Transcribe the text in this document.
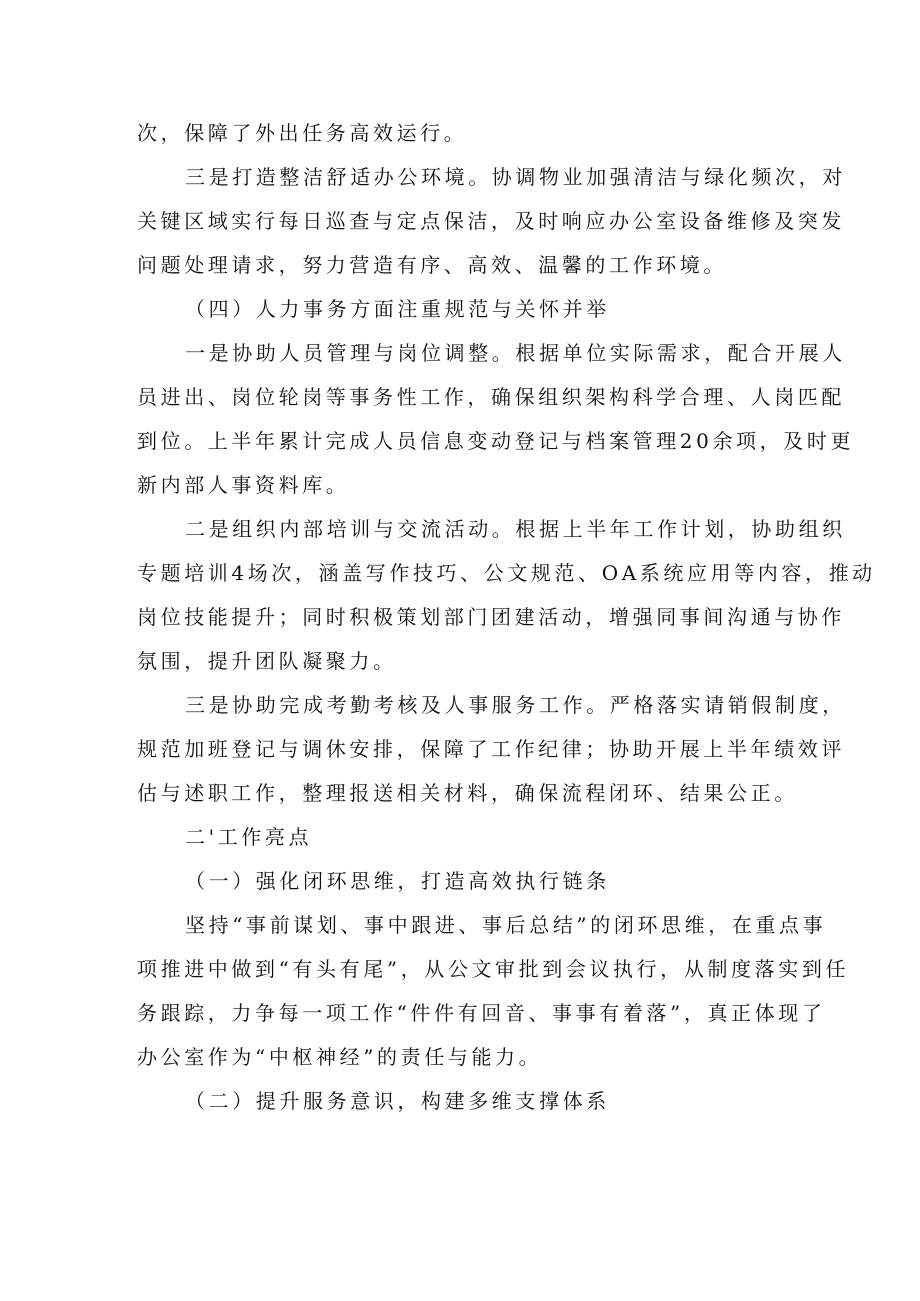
次，保障了外出任务高效运行。
三是打造整洁舒适办公环境。协调物业加强清洁与绿化频次，对
关键区域实行每日巡查与定点保洁，及时响应办公室设备维修及突发
问题处理请求，努力营造有序、高效、温馨的工作环境。
（四）人力事务方面注重规范与关怀并举
一是协助人员管理与岗位调整。根据单位实际需求，配合开展人
员进出、岗位轮岗等事务性工作，确保组织架构科学合理、人岗匹配
到位。上半年累计完成人员信息变动登记与档案管理20余项，及时更
新内部人事资料库。
二是组织内部培训与交流活动。根据上半年工作计划，协助组织
专题培训4场次，涵盖写作技巧、公文规范、OA系统应用等内容，推动
岗位技能提升；同时积极策划部门团建活动，增强同事间沟通与协作
氛围，提升团队凝聚力。
三是协助完成考勤考核及人事服务工作。严格落实请销假制度，
规范加班登记与调休安排，保障了工作纪律；协助开展上半年绩效评
估与述职工作，整理报送相关材料，确保流程闭环、结果公正。
二'工作亮点
（一）强化闭环思维，打造高效执行链条
坚持“事前谋划、事中跟进、事后总结”的闭环思维，在重点事
项推进中做到“有头有尾”，从公文审批到会议执行，从制度落实到任
务跟踪，力争每一项工作“件件有回音、事事有着落”，真正体现了
办公室作为“中枢神经”的责任与能力。
（二）提升服务意识，构建多维支撑体系
